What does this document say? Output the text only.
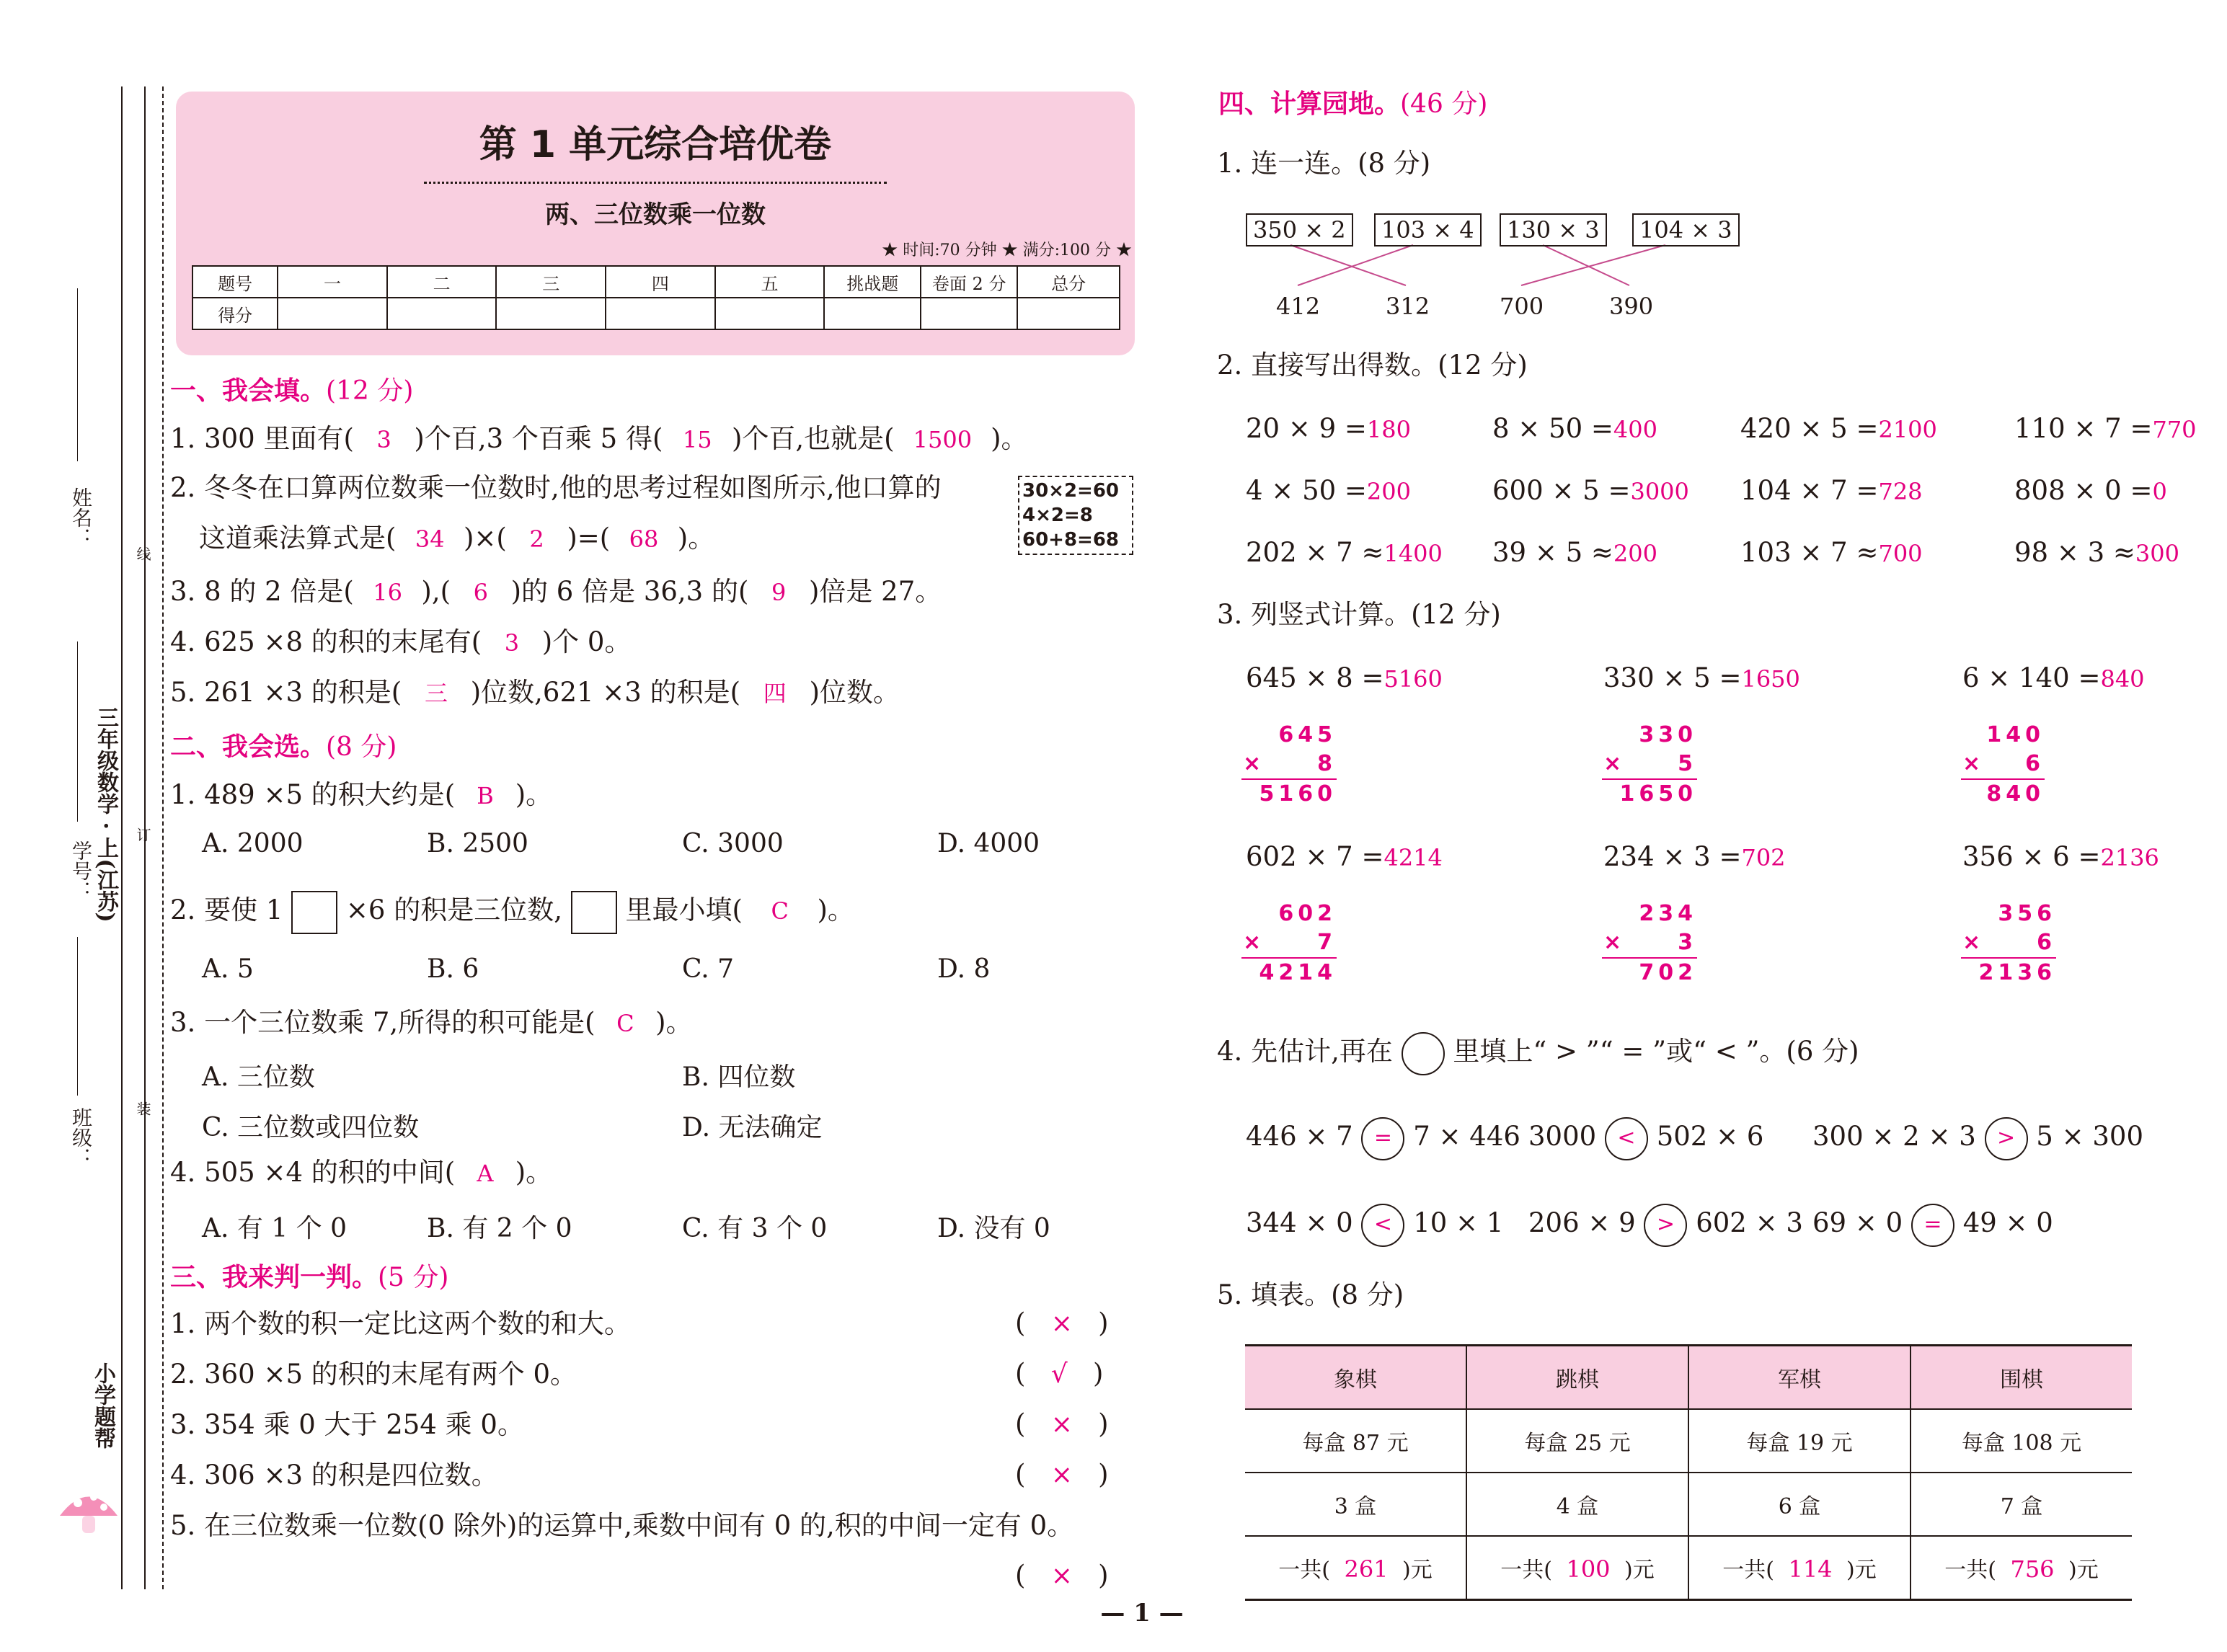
姓名：
学号： 三年级数学 · 上(江苏)
班级：
线
订
装
小学题帮
第 1 单元综合培优卷
两、三位数乘一位数
★ 时间:70 分钟 ★ 满分:100 分 ★
题号	一	二	三	四	五	挑战题	卷面 2 分	总分
得分								
一、我会填。(12 分)
1. 300 里面有( 3 )个百,3 个百乘 5 得( 15 )个百,也就是( 1500 )。
2. 冬冬在口算两位数乘一位数时,他的思考过程如图所示,他口算的
这道乘法算式是( 34 )×( 2 )=( 68 )。
30×2=60
4×2=8
60+8=68
3. 8 的 2 倍是( 16 ),( 6 )的 6 倍是 36,3 的( 9 )倍是 27。
4. 625 ×8 的积的末尾有( 3 )个 0。
5. 261 ×3 的积是( 三 )位数,621 ×3 的积是( 四 )位数。
二、我会选。(8 分)
1. 489 ×5 的积大约是( B )。
A. 2000	B. 2500	C. 3000	D. 4000
2. 要使 1 ×6 的积是三位数, 里最小填( C )。
A. 5	B. 6	C. 7	D. 8
3. 一个三位数乘 7,所得的积可能是( C )。
A. 三位数	B. 四位数
C. 三位数或四位数	D. 无法确定
4. 505 ×4 的积的中间( A )。
A. 有 1 个 0	B. 有 2 个 0	C. 有 3 个 0	D. 没有 0
三、我来判一判。(5 分)
1. 两个数的积一定比这两个数的和大。	(   ×   )
2. 360 ×5 的积的末尾有两个 0。	(   √   )
3. 354 乘 0 大于 254 乘 0。	(   ×   )
4. 306 ×3 的积是四位数。	(   ×   )
5. 在三位数乘一位数(0 除外)的运算中,乘数中间有 0 的,积的中间一定有 0。
(   ×   )
四、计算园地。(46 分)
1. 连一连。(8 分)
350 × 2	103 × 4	130 × 3	104 × 3
412	312	700	390
2. 直接写出得数。(12 分)
20 × 9 =180	8 × 50 =400	420 × 5 =2100	110 × 7 =770
4 × 50 =200	600 × 5 =3000 104 × 7 =728	808 × 0 =0
202 × 7 ≈1400 39 × 5 ≈200	103 × 7 ≈700	98 × 3 ≈300
3. 列竖式计算。(12 分)
645 × 8 =5160
645
× 8
5160
330 × 5 =1650
330
× 5
1650
6 × 140 =840
140
× 6
840
602 × 7 =4214
602
× 7
4214
234 × 3 =702
234
× 3
702
356 × 6 =2136
356
× 6
2136
4. 先估计,再在 里填上“ > ”“ = ”或“ < ”。(6 分)
446 × 7 = 7 × 446 3000 < 502 × 6 300 × 2 × 3 > 5 × 300
344 × 0 < 10 × 1 206 × 9 > 602 × 3 69 × 0 = 49 × 0
5. 填表。(8 分)
象棋	跳棋	军棋	围棋
每盒 87 元	每盒 25 元	每盒 19 元	每盒 108 元
3 盒	4 盒	6 盒	7 盒
一共( 261 )元	一共( 100 )元	一共( 114 )元	一共( 756 )元
— 1 —
